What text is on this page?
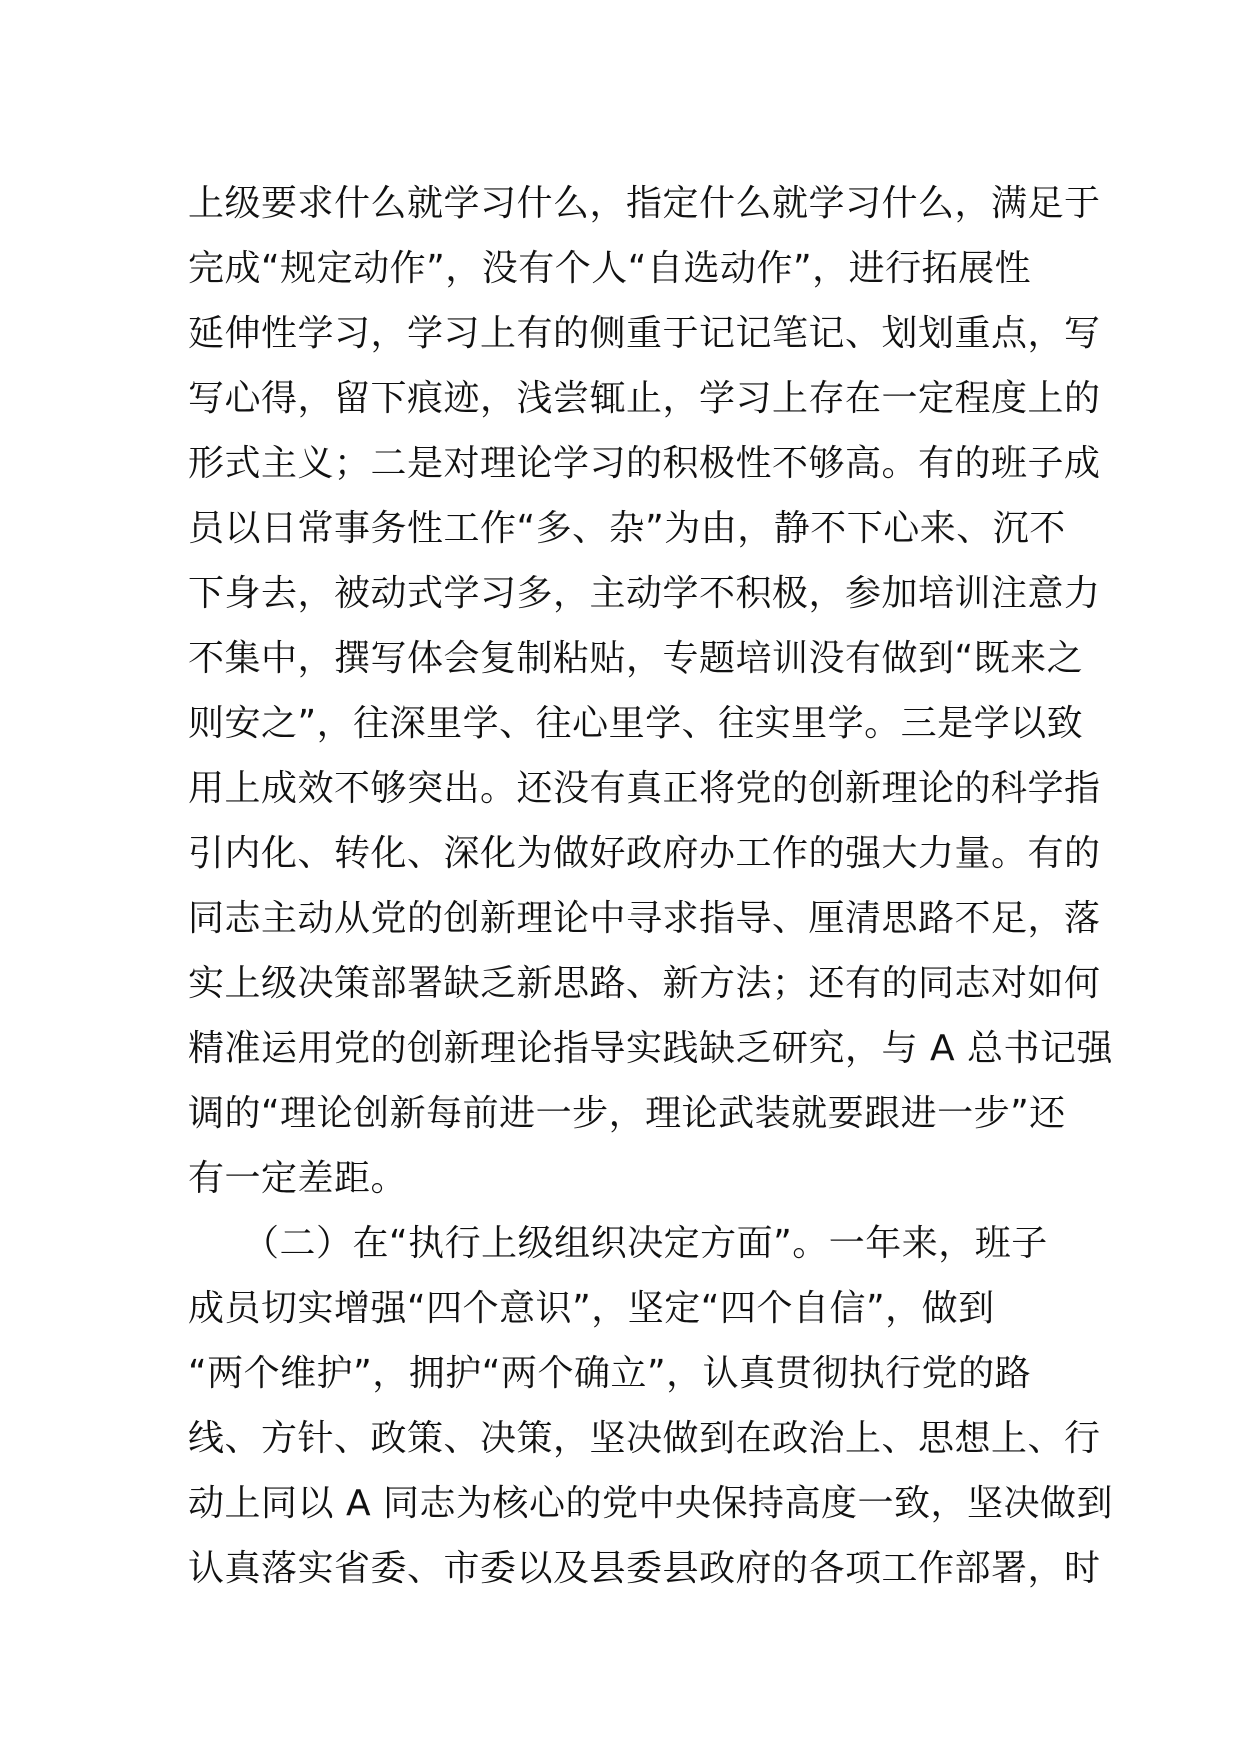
上级要求什么就学习什么，指定什么就学习什么，满足于
完成“规定动作”，没有个人“自选动作”，进行拓展性
延伸性学习，学习上有的侧重于记记笔记、划划重点，写
写心得，留下痕迹，浅尝辄止，学习上存在一定程度上的
形式主义；二是对理论学习的积极性不够高。有的班子成
员以日常事务性工作“多、杂”为由，静不下心来、沉不
下身去，被动式学习多，主动学不积极，参加培训注意力
不集中，撰写体会复制粘贴，专题培训没有做到“既来之
则安之”，往深里学、往心里学、往实里学。三是学以致
用上成效不够突出。还没有真正将党的创新理论的科学指
引内化、转化、深化为做好政府办工作的强大力量。有的
同志主动从党的创新理论中寻求指导、厘清思路不足，落
实上级决策部署缺乏新思路、新方法；还有的同志对如何
精准运用党的创新理论指导实践缺乏研究，与 A 总书记强
调的“理论创新每前进一步，理论武装就要跟进一步”还
有一定差距。
　　（二）在“执行上级组织决定方面”。一年来，班子
成员切实增强“四个意识”，坚定“四个自信”，做到
“两个维护”，拥护“两个确立”，认真贯彻执行党的路
线、方针、政策、决策，坚决做到在政治上、思想上、行
动上同以 A 同志为核心的党中央保持高度一致，坚决做到
认真落实省委、市委以及县委县政府的各项工作部署，时
